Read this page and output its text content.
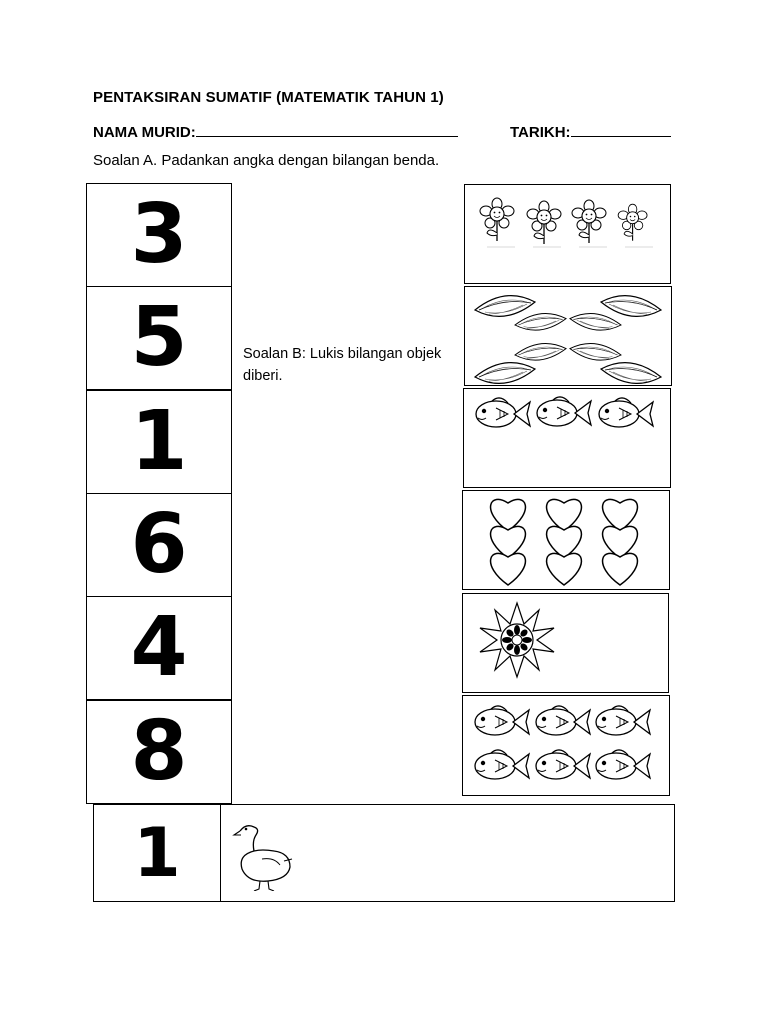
PENTAKSIRAN SUMATIF (MATEMATIK TAHUN 1)
NAMA MURID:	TARIKH:
Soalan A. Padankan angka dengan bilangan benda.
Soalan B: Lukis bilangan objek diberi.
3
5
1
6
4
8
1
